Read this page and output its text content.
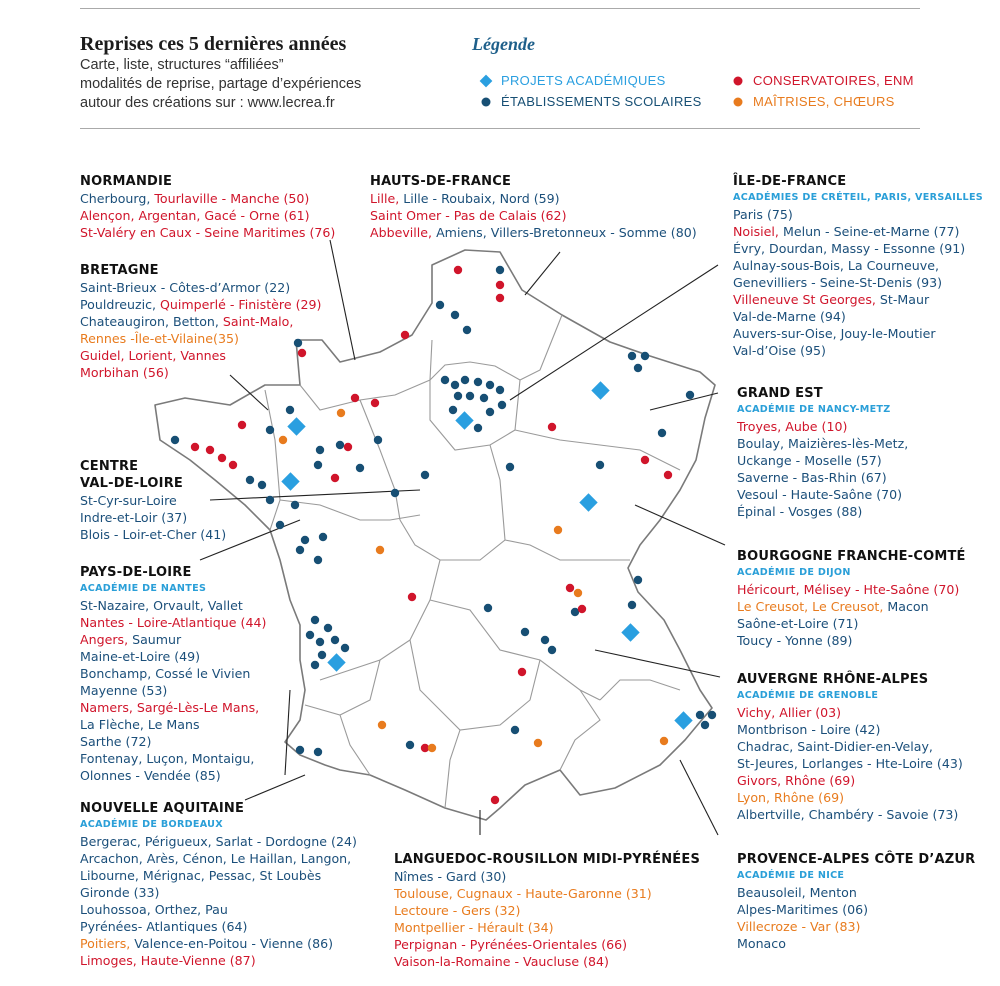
Reprises ces 5 dernières années
Carte, liste, structures “affiliées”
modalités de reprise, partage d’expériences
autour des créations sur : www.lecrea.fr
Légende
PROJETS ACADÉMIQUES
ÉTABLISSEMENTS SCOLAIRES
CONSERVATOIRES, ENM
MAÎTRISES, CHŒURS
NORMANDIE
Cherbourg, Tourlaville - Manche (50)
Alençon, Argentan, Gacé - Orne (61)
St-Valéry en Caux - Seine Maritimes (76)
BRETAGNE
Saint-Brieux - Côtes-d’Armor (22)
Pouldreuzic, Quimperlé - Finistère (29)
Chateaugiron, Betton, Saint-Malo,
Rennes -Île-et-Vilaine(35)
Guidel, Lorient, Vannes
Morbihan (56)
HAUTS-DE-FRANCE
Lille, Lille - Roubaix, Nord (59)
Saint Omer - Pas de Calais (62)
Abbeville, Amiens, Villers-Bretonneux - Somme (80)
ÎLE-DE-FRANCE
ACADÉMIES DE CRÉTEIL, PARIS, VERSAILLES
Paris (75)
Noisiel, Melun - Seine-et-Marne (77)
Évry, Dourdan, Massy - Essonne (91)
Aulnay-sous-Bois, La Courneuve,
Genevilliers - Seine-St-Denis (93)
Villeneuve St Georges, St-Maur
Val-de-Marne (94)
Auvers-sur-Oise, Jouy-le-Moutier
Val-d’Oise (95)
GRAND EST
ACADÉMIE DE NANCY-METZ
Troyes, Aube (10)
Boulay, Maizières-lès-Metz,
Uckange - Moselle (57)
Saverne - Bas-Rhin (67)
Vesoul - Haute-Saône (70)
Épinal - Vosges (88)
CENTRE
VAL-DE-LOIRE
St-Cyr-sur-Loire
Indre-et-Loir (37)
Blois - Loir-et-Cher (41)
PAYS-DE-LOIRE
ACADÉMIE DE NANTES
St-Nazaire, Orvault, Vallet
Nantes - Loire-Atlantique (44)
Angers, Saumur
Maine-et-Loire (49)
Bonchamp, Cossé le Vivien
Mayenne (53)
Namers, Sargé-Lès-Le Mans,
La Flèche, Le Mans
Sarthe (72)
Fontenay, Luçon, Montaigu,
Olonnes - Vendée (85)
BOURGOGNE FRANCHE-COMTÉ
ACADÉMIE DE DIJON
Héricourt, Mélisey - Hte-Saône (70)
Le Creusot, Le Creusot, Macon
Saône-et-Loire (71)
Toucy - Yonne (89)
AUVERGNE RHÔNE-ALPES
ACADÉMIE DE GRENOBLE
Vichy, Allier (03)
Montbrison - Loire (42)
Chadrac, Saint-Didier-en-Velay,
St-Jeures, Lorlanges - Hte-Loire (43)
Givors, Rhône (69)
Lyon, Rhône (69)
Albertville, Chambéry - Savoie (73)
NOUVELLE AQUITAINE
ACADÉMIE DE BORDEAUX
Bergerac, Périgueux, Sarlat - Dordogne (24)
Arcachon, Arès, Cénon, Le Haillan, Langon,
Libourne, Mérignac, Pessac, St Loubès
Gironde (33)
Louhossoa, Orthez, Pau
Pyrénées- Atlantiques (64)
Poitiers, Valence-en-Poitou - Vienne (86)
Limoges, Haute-Vienne (87)
LANGUEDOC-ROUSILLON MIDI-PYRÉNÉES
Nîmes - Gard (30)
Toulouse, Cugnaux - Haute-Garonne (31)
Lectoure - Gers (32)
Montpellier - Hérault (34)
Perpignan - Pyrénées-Orientales (66)
Vaison-la-Romaine - Vaucluse (84)
PROVENCE-ALPES CÔTE D’AZUR
ACADÉMIE DE NICE
Beausoleil, Menton
Alpes-Maritimes (06)
Villecroze - Var (83)
Monaco
